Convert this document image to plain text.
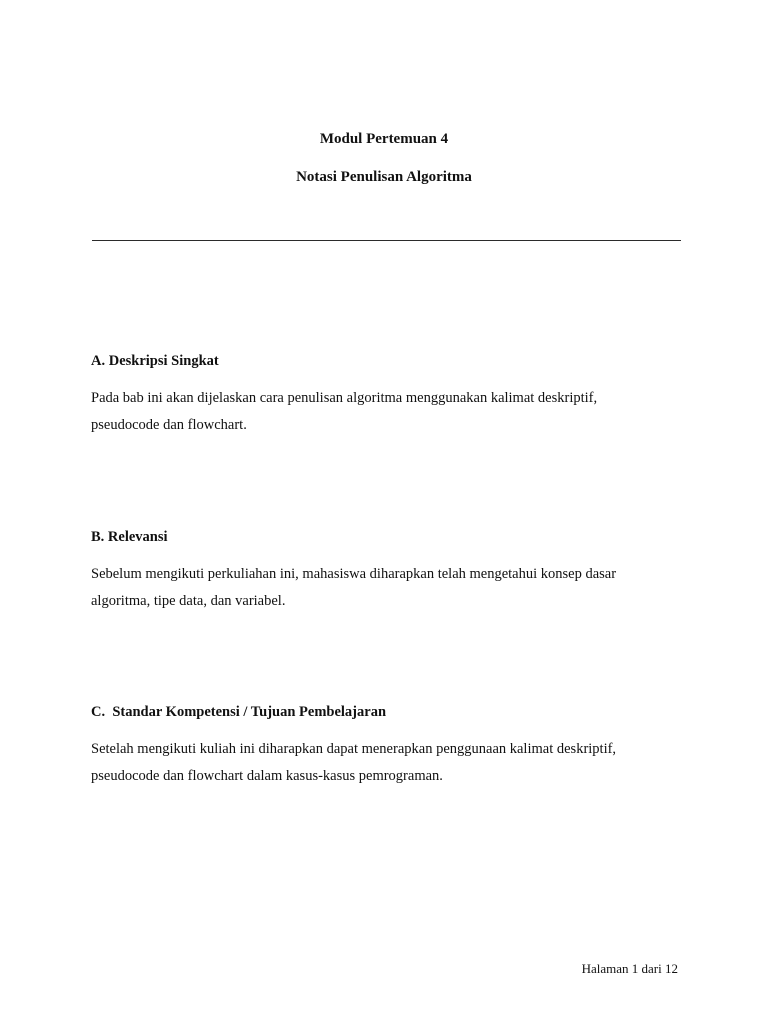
Modul Pertemuan 4
Notasi Penulisan Algoritma
A. Deskripsi Singkat
Pada bab ini akan dijelaskan cara penulisan algoritma menggunakan kalimat deskriptif,
pseudocode dan flowchart.
B. Relevansi
Sebelum mengikuti perkuliahan ini, mahasiswa diharapkan telah mengetahui konsep dasar
algoritma, tipe data, dan variabel.
C.  Standar Kompetensi / Tujuan Pembelajaran
Setelah mengikuti kuliah ini diharapkan dapat menerapkan penggunaan kalimat deskriptif,
pseudocode dan flowchart dalam kasus-kasus pemrograman.
Halaman 1 dari 12
